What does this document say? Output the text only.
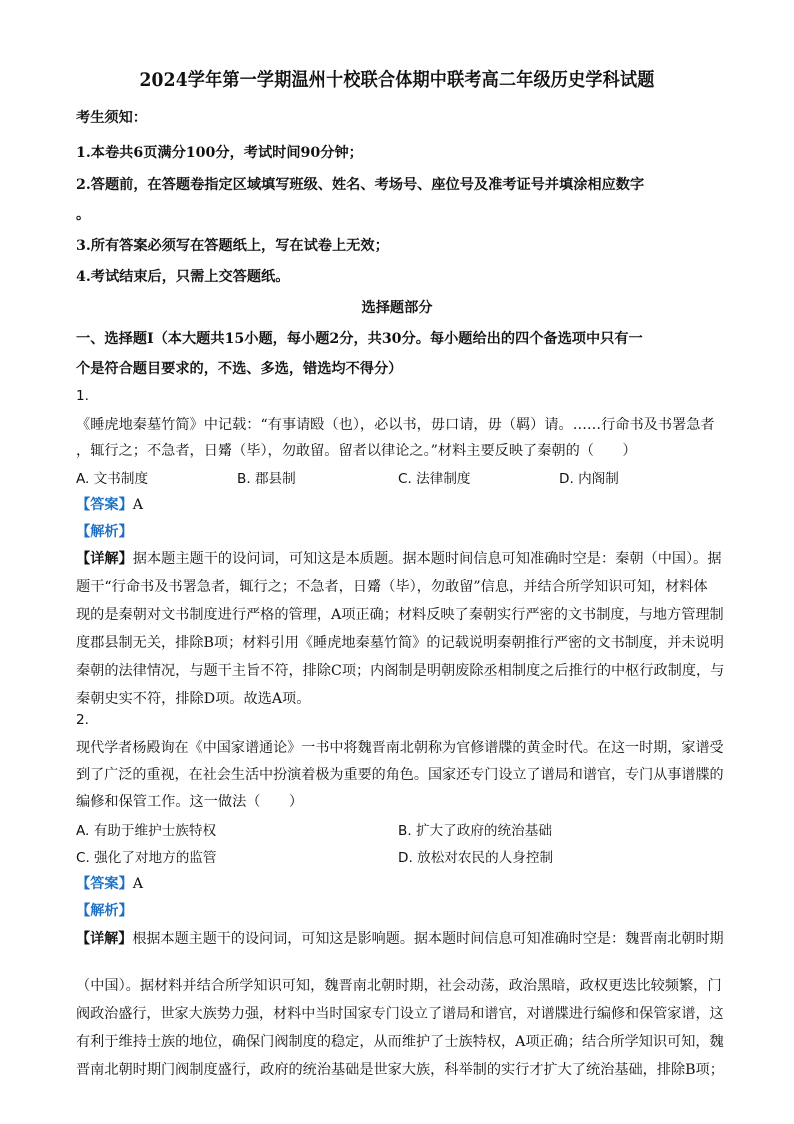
2024学年第一学期温州十校联合体期中联考高二年级历史学科试题
考生须知：
1.本卷共6页满分100分，考试时间90分钟；
2.答题前，在答题卷指定区域填写班级、姓名、考场号、座位号及准考证号并填涂相应数字
。
3.所有答案必须写在答题纸上，写在试卷上无效；
4.考试结束后，只需上交答题纸。
选择题部分
一、选择题Ⅰ（本大题共15小题，每小题2分，共30分。每小题给出的四个备选项中只有一
个是符合题目要求的，不选、多选，错选均不得分）
1.
《睡虎地秦墓竹简》中记载：“有事请殹（也），必以书，毋口请，毋（羁）请。……行命书及书署急者
，辄行之；不急者，日觱（毕），勿敢留。留者以律论之。”材料主要反映了秦朝的（　　）
A. 文书制度	B. 郡县制	C. 法律制度	D. 内阁制
【答案】A
【解析】
【详解】据本题主题干的设问词，可知这是本质题。据本题时间信息可知准确时空是：秦朝（中国）。据
题干“行命书及书署急者，辄行之；不急者，日觱（毕），勿敢留”信息，并结合所学知识可知，材料体
现的是秦朝对文书制度进行严格的管理，A项正确；材料反映了秦朝实行严密的文书制度，与地方管理制
度郡县制无关，排除B项；材料引用《睡虎地秦墓竹简》的记载说明秦朝推行严密的文书制度，并未说明
秦朝的法律情况，与题干主旨不符，排除C项；内阁制是明朝废除丞相制度之后推行的中枢行政制度，与
秦朝史实不符，排除D项。故选A项。
2.
现代学者杨殿询在《中国家谱通论》一书中将魏晋南北朝称为官修谱牒的黄金时代。在这一时期，家谱受
到了广泛的重视，在社会生活中扮演着极为重要的角色。国家还专门设立了谱局和谱官，专门从事谱牒的
编修和保管工作。这一做法（　　）
A. 有助于维护士族特权	B. 扩大了政府的统治基础
C. 强化了对地方的监管	D. 放松对农民的人身控制
【答案】A
【解析】
【详解】根据本题主题干的设问词，可知这是影响题。据本题时间信息可知准确时空是：魏晋南北朝时期
（中国）。据材料并结合所学知识可知，魏晋南北朝时期，社会动荡，政治黑暗，政权更迭比较频繁，门
阀政治盛行，世家大族势力强，材料中当时国家专门设立了谱局和谱官，对谱牒进行编修和保管家谱，这
有利于维持士族的地位，确保门阀制度的稳定，从而维护了士族特权，A项正确；结合所学知识可知，魏
晋南北朝时期门阀制度盛行，政府的统治基础是世家大族，科举制的实行才扩大了统治基础，排除B项；
